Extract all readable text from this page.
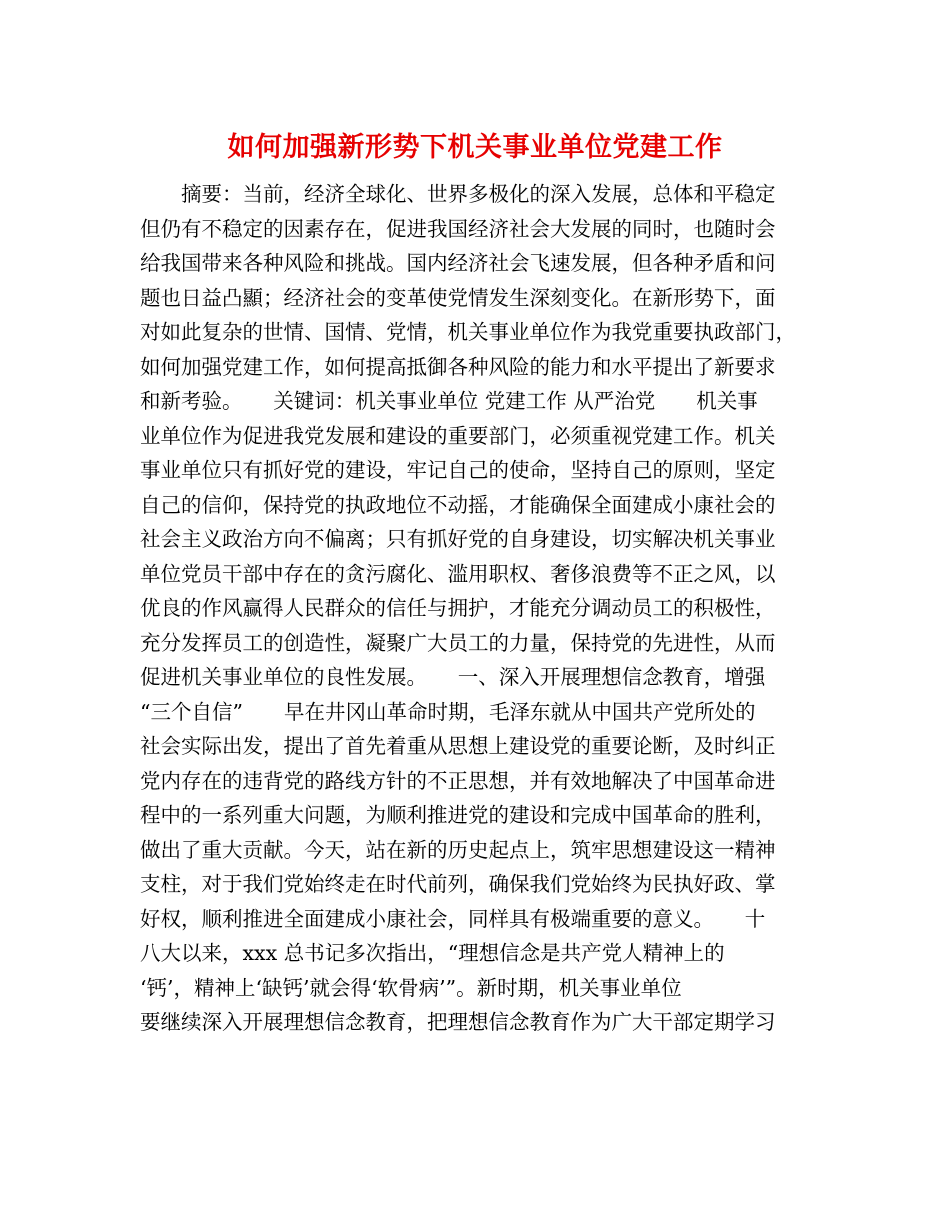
如何加强新形势下机关事业单位党建工作
　　摘要：当前，经济全球化、世界多极化的深入发展，总体和平稳定
但仍有不稳定的因素存在，促进我国经济社会大发展的同时，也随时会
给我国带来各种风险和挑战。国内经济社会飞速发展，但各种矛盾和问
题也日益凸顯；经济社会的变革使党情发生深刻变化。在新形势下，面
对如此复杂的世情、国情、党情，机关事业单位作为我党重要执政部门，
如何加强党建工作，如何提高抵御各种风险的能力和水平提出了新要求
和新考验。　　关键词：机关事业单位 党建工作 从严治党　　机关事
业单位作为促进我党发展和建设的重要部门，必须重视党建工作。机关
事业单位只有抓好党的建设，牢记自己的使命，坚持自己的原则，坚定
自己的信仰，保持党的执政地位不动摇，才能确保全面建成小康社会的
社会主义政治方向不偏离；只有抓好党的自身建设，切实解决机关事业
单位党员干部中存在的贪污腐化、滥用职权、奢侈浪费等不正之风，以
优良的作风赢得人民群众的信任与拥护，才能充分调动员工的积极性，
充分发挥员工的创造性，凝聚广大员工的力量，保持党的先进性，从而
促进机关事业单位的良性发展。　　一、深入开展理想信念教育，增强
“三个自信”　　早在井冈山革命时期，毛泽东就从中国共产党所处的
社会实际出发，提出了首先着重从思想上建设党的重要论断，及时纠正
党内存在的违背党的路线方针的不正思想，并有效地解决了中国革命进
程中的一系列重大问题，为顺利推进党的建设和完成中国革命的胜利，
做出了重大贡献。今天，站在新的历史起点上，筑牢思想建设这一精神
支柱，对于我们党始终走在时代前列，确保我们党始终为民执好政、掌
好权，顺利推进全面建成小康社会，同样具有极端重要的意义。　　十
八大以来，xxx 总书记多次指出，“理想信念是共产党人精神上的
‘钙’，精神上‘缺钙’就会得‘软骨病’”。新时期，机关事业单位
要继续深入开展理想信念教育，把理想信念教育作为广大干部定期学习
